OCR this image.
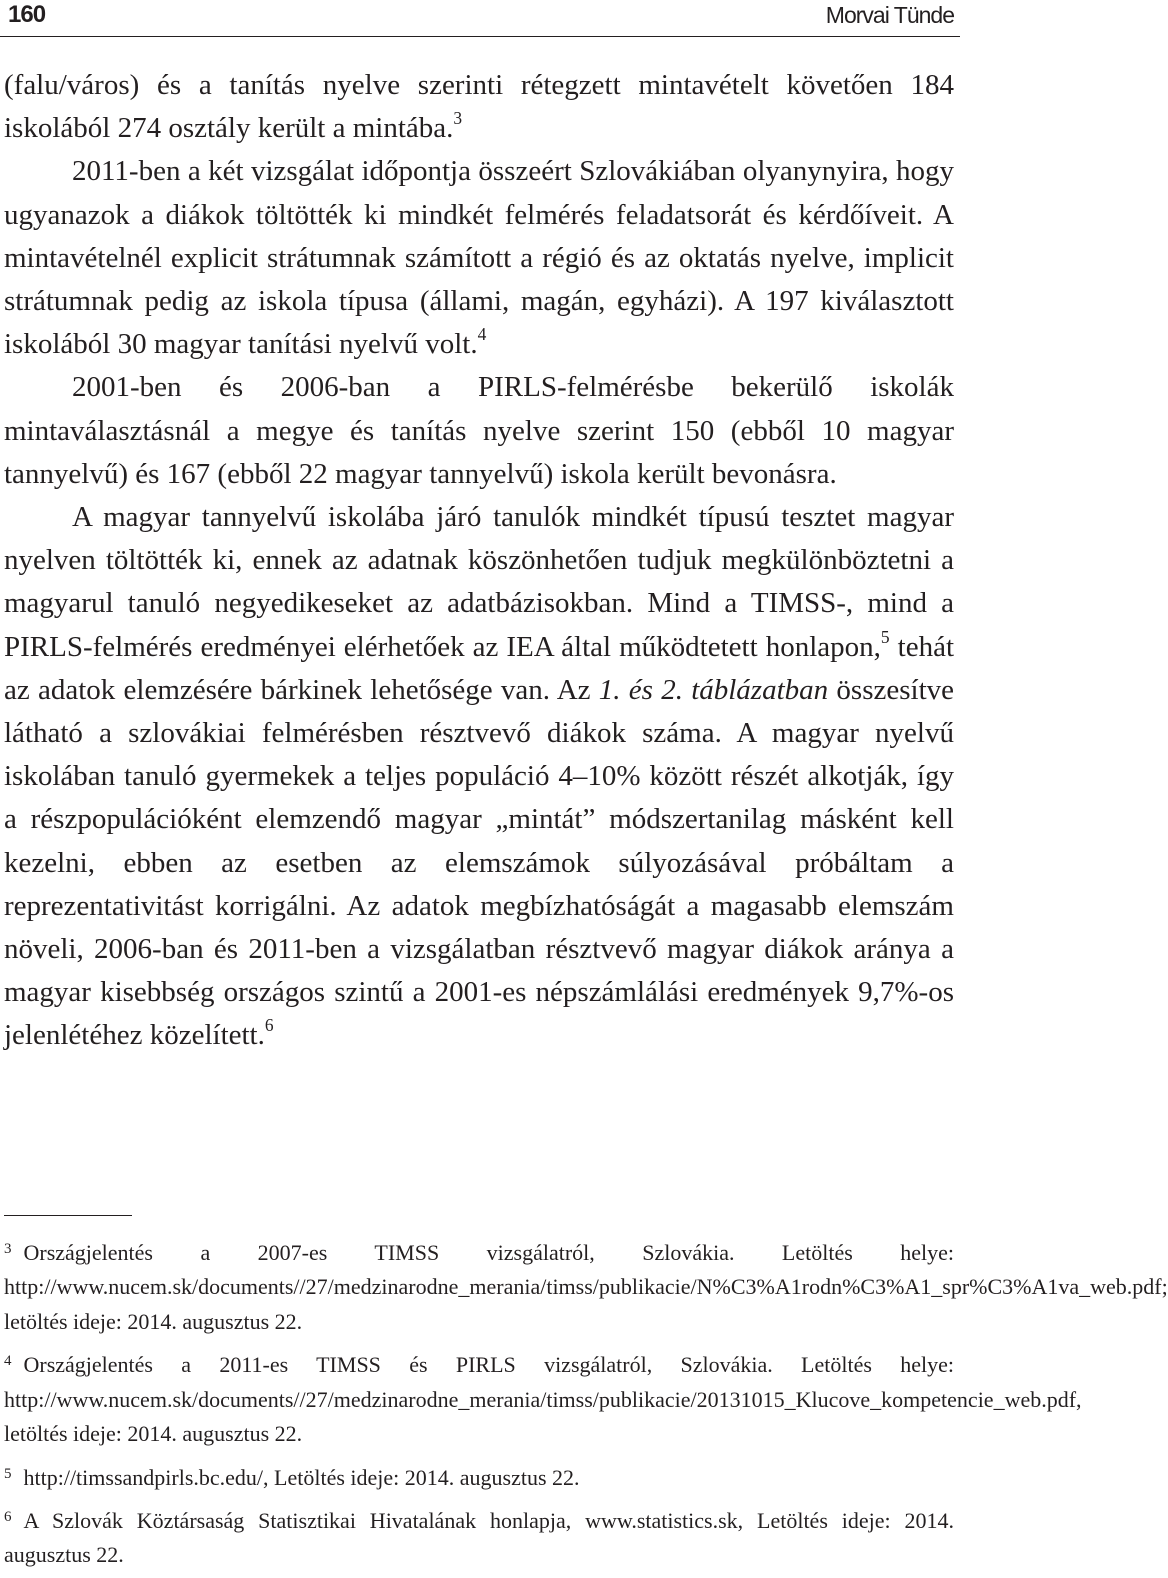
160	Morvai Tünde

(falu/város) és a tanítás nyelve szerinti rétegzett mintavételt követően 184 iskolából 274 osztály került a mintába.$^3$

2011-ben a két vizsgálat időpontja összeért Szlovákiában olyanynyira, hogy ugyanazok a diákok töltötték ki mindkét felmérés feladatsorát és kérdőíveit. A mintavételnél explicit strátumnak számított a régió és az oktatás nyelve, implicit strátumnak pedig az iskola típusa (állami, magán, egyházi). A 197 kiválasztott iskolából 30 magyar tanítási nyelvű volt.$^4$

2001-ben és 2006-ban a PIRLS-felmérésbe bekerülő iskolák mintaválasztásnál a megye és tanítás nyelve szerint 150 (ebből 10 magyar tannyelvű) és 167 (ebből 22 magyar tannyelvű) iskola került bevonásra.

A magyar tannyelvű iskolába járó tanulók mindkét típusú tesztet magyar nyelven töltötték ki, ennek az adatnak köszönhetően tudjuk megkülönböztetni a magyarul tanuló negyedikeseket az adatbázisokban. Mind a TIMSS-, mind a PIRLS-felmérés eredményei elérhetőek az IEA által működtetett honlapon,$^5$ tehát az adatok elemzésére bárkinek lehetősége van. Az 1. és 2. táblázatban összesítve látható a szlovákiai felmérésben résztvevő diákok száma. A magyar nyelvű iskolában tanuló gyermekek a teljes populáció 4–10% között részét alkotják, így a részpopulációként elemzendő magyar „mintát” módszertanilag másként kell kezelni, ebben az esetben az elemszámok súlyozásával próbáltam a reprezentativitást korrigálni. Az adatok megbízhatóságát a magasabb elemszám növeli, 2006-ban és 2011-ben a vizsgálatban résztvevő magyar diákok aránya a magyar kisebbség országos szintű a 2001-es népszámlálási eredmények 9,7%-os jelenlétéhez közelített.$^6$

3 Országjelentés a 2007-es TIMSS vizsgálatról, Szlovákia. Letöltés helye: http://www.nucem.sk/documents//27/medzinarodne_merania/timss/publikacie/N%C3%A1rodn%C3%A1_spr%C3%A1va_web.pdf; letöltés ideje: 2014. augusztus 22.

4 Országjelentés a 2011-es TIMSS és PIRLS vizsgálatról, Szlovákia. Letöltés helye: http://www.nucem.sk/documents//27/medzinarodne_merania/timss/publikacie/20131015_Klucove_kompetencie_web.pdf, letöltés ideje: 2014. augusztus 22.

5 http://timssandpirls.bc.edu/, Letöltés ideje: 2014. augusztus 22.

6 A Szlovák Köztársaság Statisztikai Hivatalának honlapja, www.statistics.sk, Letöltés ideje: 2014. augusztus 22.
